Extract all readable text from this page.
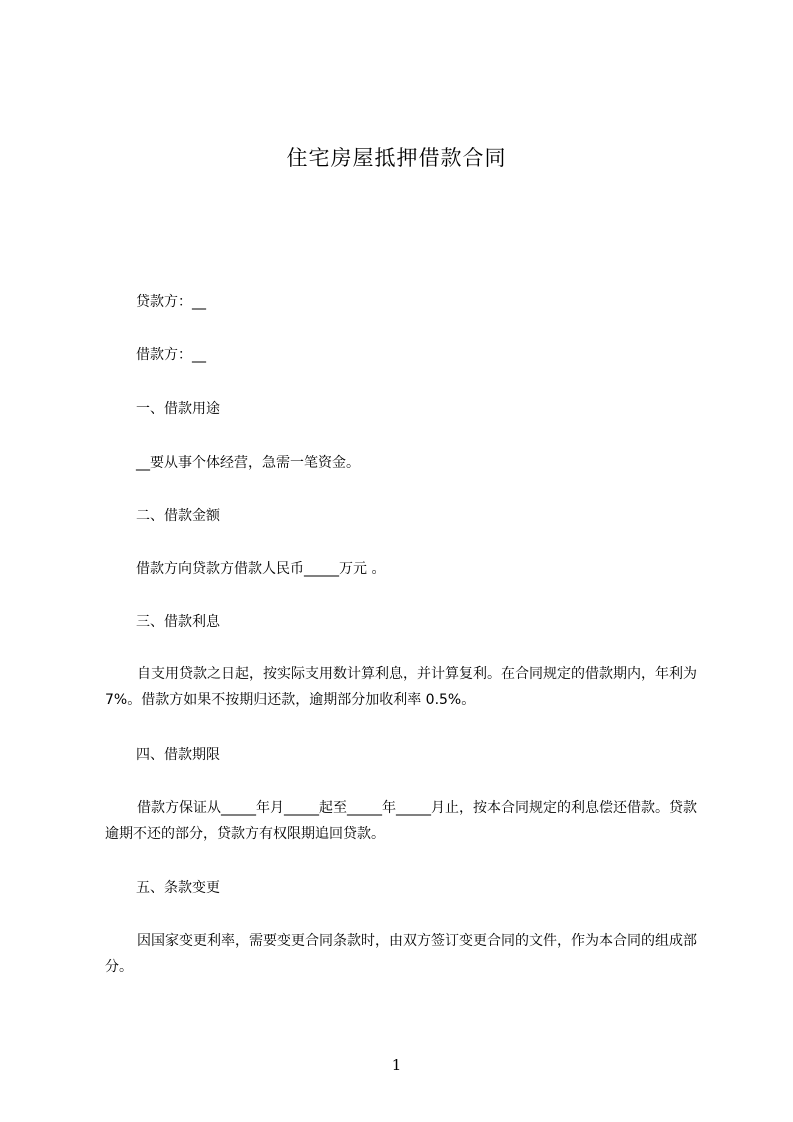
住宅房屋抵押借款合同
贷款方：__
借款方：__
一、借款用途
__要从事个体经营，急需一笔资金。
二、借款金额
借款方向贷款方借款人民币_____万元 。
三、借款利息
自支用贷款之日起，按实际支用数计算利息，并计算复利。在合同规定的借款期内，年利为 7%。借款方如果不按期归还款，逾期部分加收利率 0.5%。
四、借款期限
借款方保证从_____年月_____起至_____年_____月止，按本合同规定的利息偿还借款。贷款逾期不还的部分，贷款方有权限期追回贷款。
五、条款变更
因国家变更利率，需要变更合同条款时，由双方签订变更合同的文件，作为本合同的组成部分。
1
